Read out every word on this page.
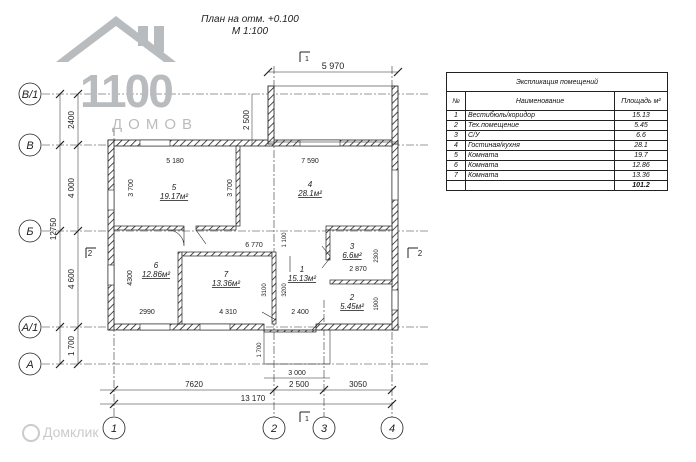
В/1
В
Б
А/1
А
1	2	3	4
5
19.17м²
4
28.1м²
6
12.86м²	7
13.36м²
1
15.13м²
3
6.6м²
2
5.45м²
5 970
12750
2400
4 000
4 600
1 700
2 500
7620	2 500	3050
13 170
3 000
5 180	7 590
3 700	3 700
6 770	1 100
2300
2 870
4300
1900
2990	4 310	2 400
3100 3200
1 700
1
1
2
2
1100
ДОМОВ
План на отм. +0.100
М 1:100
Экспликация помещений		
№	Наименование	Площадь м²
1	Вестибюль/коридор	15.13
2	Тех.помещение	5.45
3	С/У	6.6
4	Гостиная/кухня	28.1
5	Комната	19.7
6	Комната	12.86
7	Комната	13.36
		101.2
Домклик
